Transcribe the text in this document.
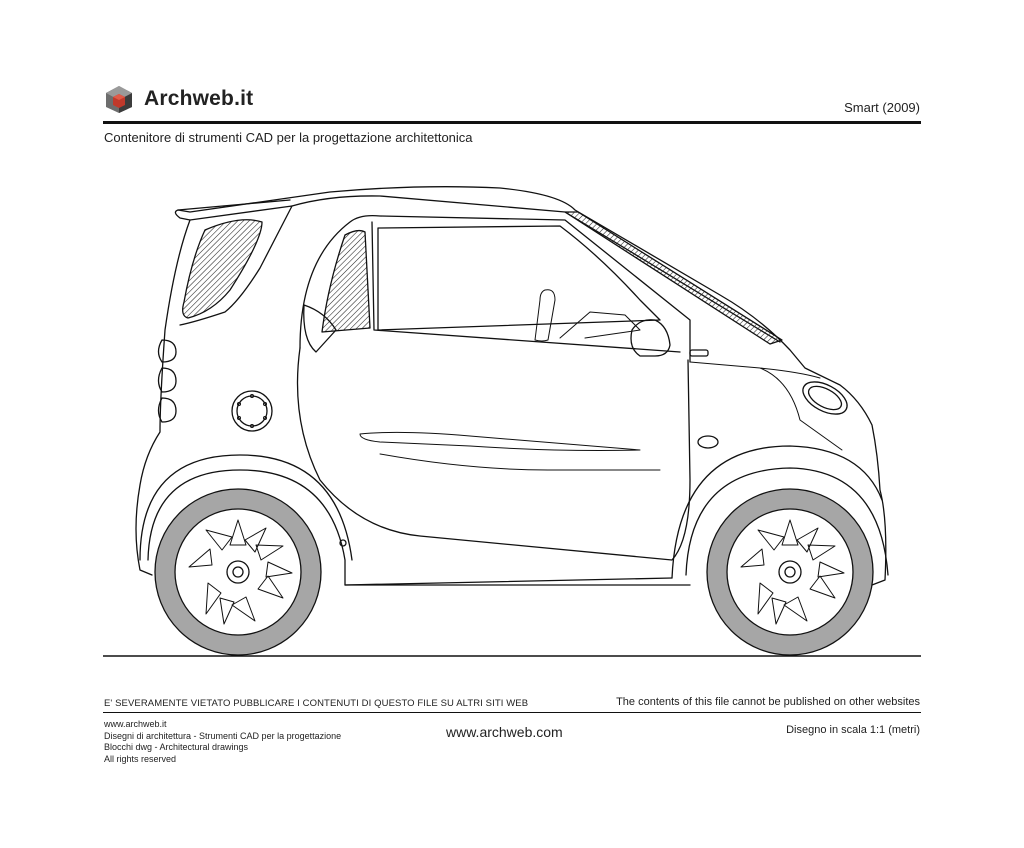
Archweb.it	Smart (2009)
Contenitore di strumenti CAD per la progettazione architettonica
E' SEVERAMENTE VIETATO PUBBLICARE I CONTENUTI DI QUESTO FILE SU ALTRI SITI WEB	The contents of this file cannot be published on other websites
www.archweb.it
Disegni di architettura - Strumenti CAD per la progettazione
Blocchi dwg - Architectural drawings
All rights reserved
www.archweb.com	Disegno in scala 1:1 (metri)
